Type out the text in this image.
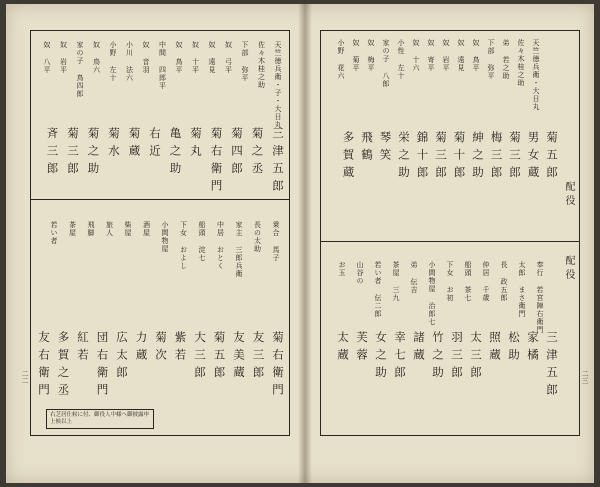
天竺徳兵衛・子・大日丸
佐々木桂之助
下部 弥平
奴 弓平
奴 遠見
奴 十平
奴 鳥平
中間 四郎平
奴 音羽
小川 法六
小野 左十
奴 鳥六
家の子 鳥四郎
奴 岩平
奴 八平
三津五郎
菊之丞
菊四郎
菊右衛門
菊丸
亀之助
右近
菊蔵
菊水
菊之助
菊三郎
斉三郎
乗合 馬子
長の太助
家主 三郎兵衛
中居 おとく
船頭 淀七
下女 およし
小間物屋
酒屋
柴屋
旅人
飛脚
茶屋
若い者
菊右衛門
友三郎
友美蔵
菊五郎
大三郎
紫若
菊次
力蔵
広太郎
団右衛門
紅若
多賀之丞
友右衛門
右芝居仕候に付、御役人中様へ御披露申上候以上
二二
配役
配役
天竺徳兵衛・大日丸
佐々木桂之助
弟 若之助
下部 弥平
奴 鳥平
奴 遠見
奴 岩平
奴 寄平
奴 十六
小性 左十
家の子 八郎
奴 梅平
奴 菊平
小野 花六
菊五郎
男女蔵
菊三郎
梅三郎
紳之助
菊十郎
菊三郎
錦十郎
栄之助
琴笑
飛鶴
多賀蔵
奉行 若宮陣右衛門
太郎 まさ衛門
長 政五郎
仲居 千歳
船頭 茶七
下女 お初
小間物屋 治郎七
弟 伝吉
茶屋 三九
若い者 伝二郎
山谷の
お玉
三津五郎
家橘
松助
照蔵
太三郎
羽三郎
竹之助
諸蔵
幸七郎
女之助
芙蓉
太蔵
二三
